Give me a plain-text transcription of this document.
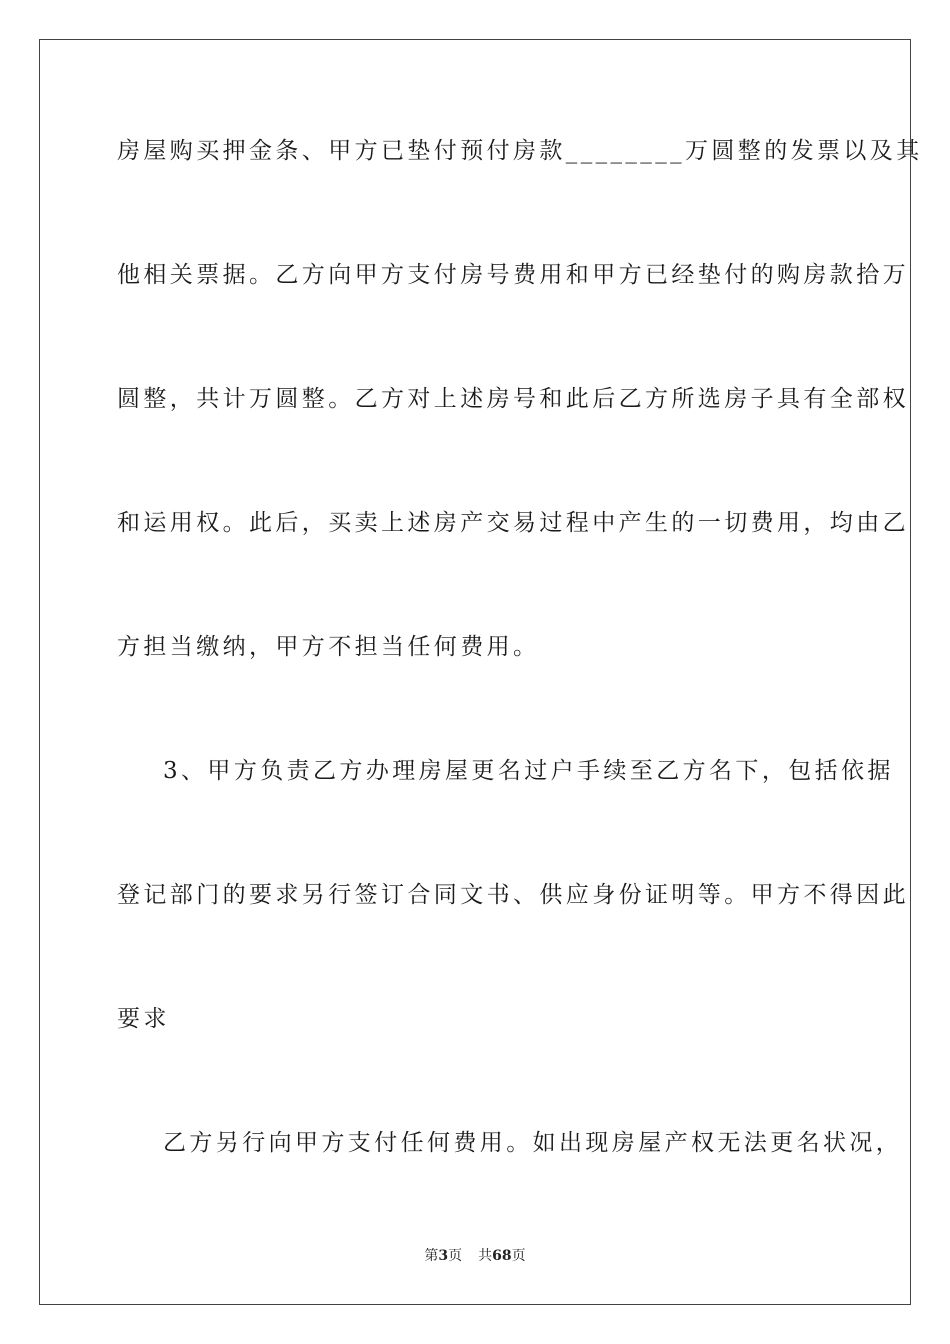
房屋购买押金条、甲方已垫付预付房款________万圆整的发票以及其
他相关票据。乙方向甲方支付房号费用和甲方已经垫付的购房款拾万
圆整，共计万圆整。乙方对上述房号和此后乙方所选房子具有全部权
和运用权。此后，买卖上述房产交易过程中产生的一切费用，均由乙
方担当缴纳，甲方不担当任何费用。
3、甲方负责乙方办理房屋更名过户手续至乙方名下，包括依据
登记部门的要求另行签订合同文书、供应身份证明等。甲方不得因此
要求
乙方另行向甲方支付任何费用。如出现房屋产权无法更名状况，
第3页 共68页
